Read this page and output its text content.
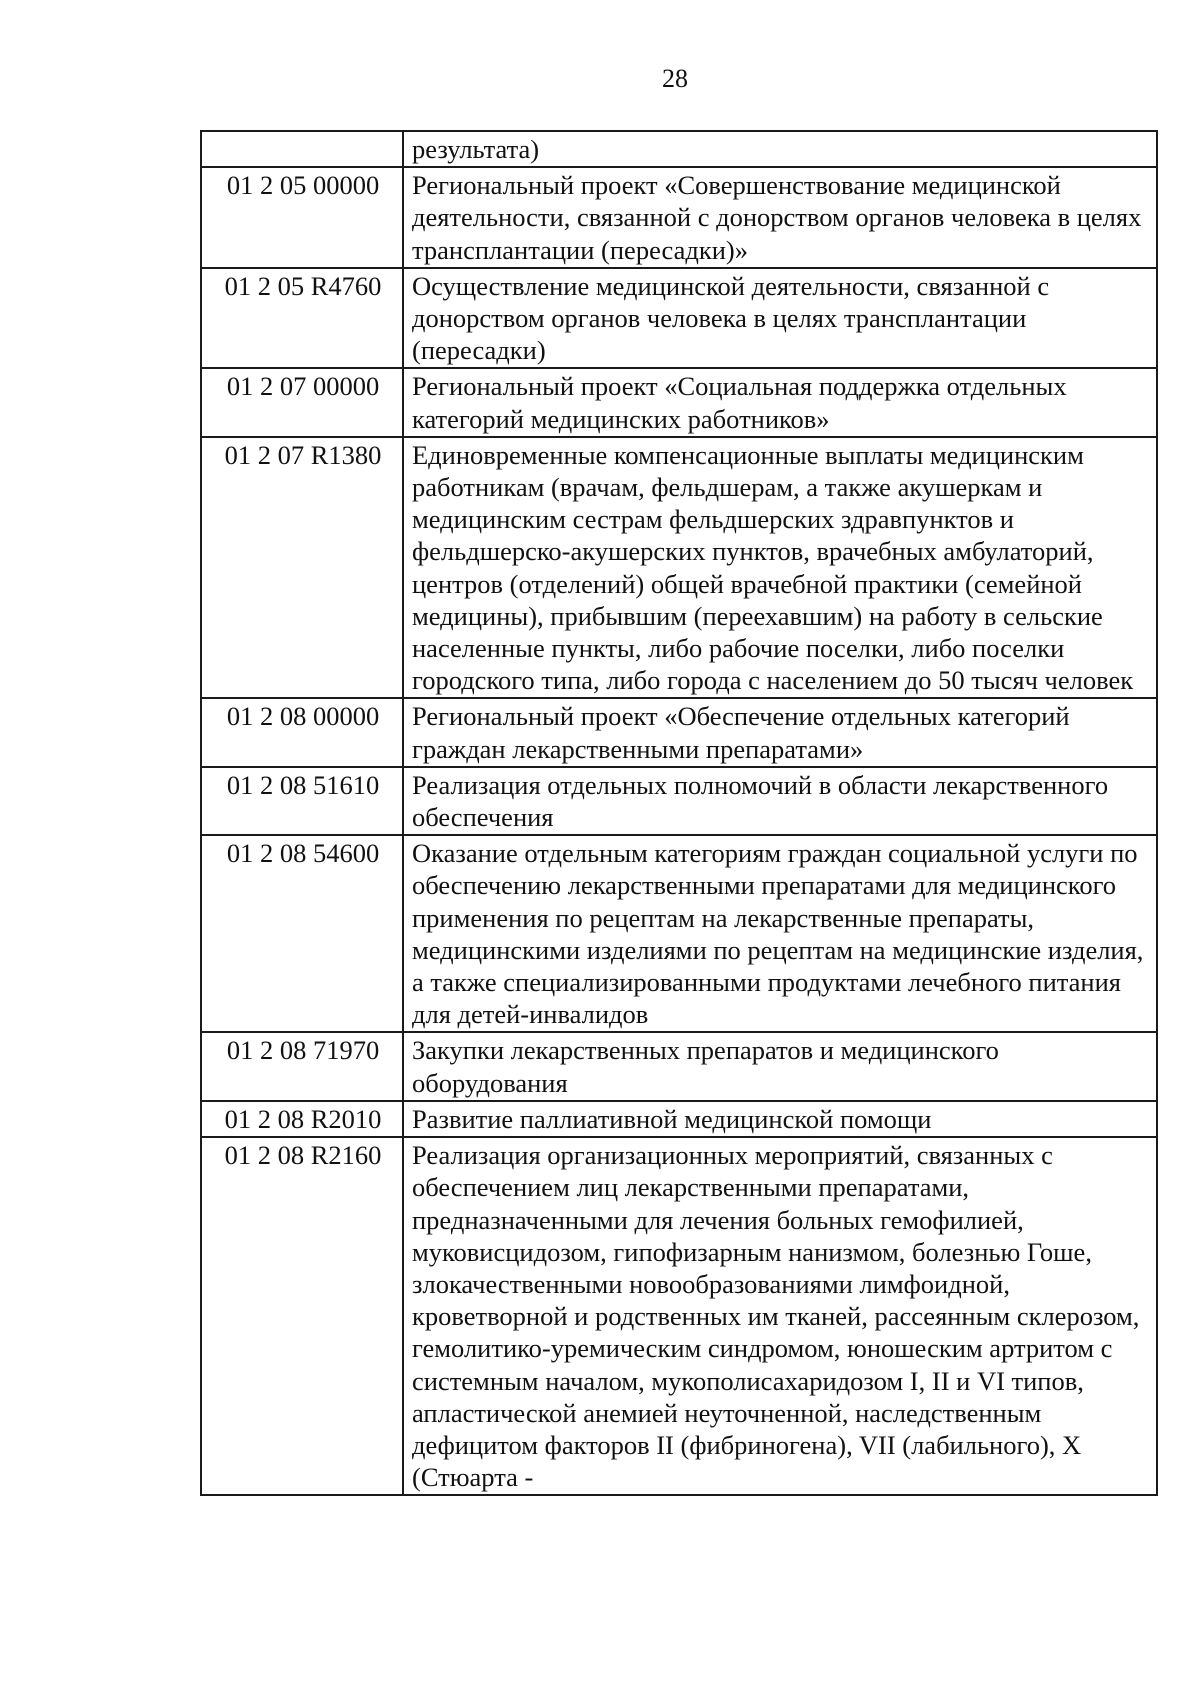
28
	результата)
01 2 05 00000	Региональный проект «Совершенствование медицинской деятельности, связанной с донорством органов человека в целях трансплантации (пересадки)»
01 2 05 R4760	Осуществление медицинской деятельности, связанной с донорством органов человека в целях трансплантации (пересадки)
01 2 07 00000	Региональный проект «Социальная поддержка отдельных категорий медицинских работников»
01 2 07 R1380	Единовременные компенсационные выплаты медицинским работникам (врачам, фельдшерам, а также акушеркам и медицинским сестрам фельдшерских здравпунктов и фельдшерско-акушерских пунктов, врачебных амбулаторий, центров (отделений) общей врачебной практики (семейной медицины), прибывшим (переехавшим) на работу в сельские населенные пункты, либо рабочие поселки, либо поселки городского типа, либо города с населением до 50 тысяч человек
01 2 08 00000	Региональный проект «Обеспечение отдельных категорий граждан лекарственными препаратами»
01 2 08 51610	Реализация отдельных полномочий в области лекарственного обеспечения
01 2 08 54600	Оказание отдельным категориям граждан социальной услуги по обеспечению лекарственными препаратами для медицинского применения по рецептам на лекарственные препараты, медицинскими изделиями по рецептам на медицинские изделия, а также специализированными продуктами лечебного питания для детей-инвалидов
01 2 08 71970	Закупки лекарственных препаратов и медицинского оборудования
01 2 08 R2010	Развитие паллиативной медицинской помощи
01 2 08 R2160	Реализация организационных мероприятий, связанных с обеспечением лиц лекарственными препаратами, предназначенными для лечения больных гемофилией, муковисцидозом, гипофизарным нанизмом, болезнью Гоше, злокачественными новообразованиями лимфоидной, кроветворной и родственных им тканей, рассеянным склерозом, гемолитико-уремическим синдромом, юношеским артритом с системным началом, мукополисахаридозом I, II и VI типов, апластической анемией неуточненной, наследственным дефицитом факторов II (фибриногена), VII (лабильного), X (Стюарта -
